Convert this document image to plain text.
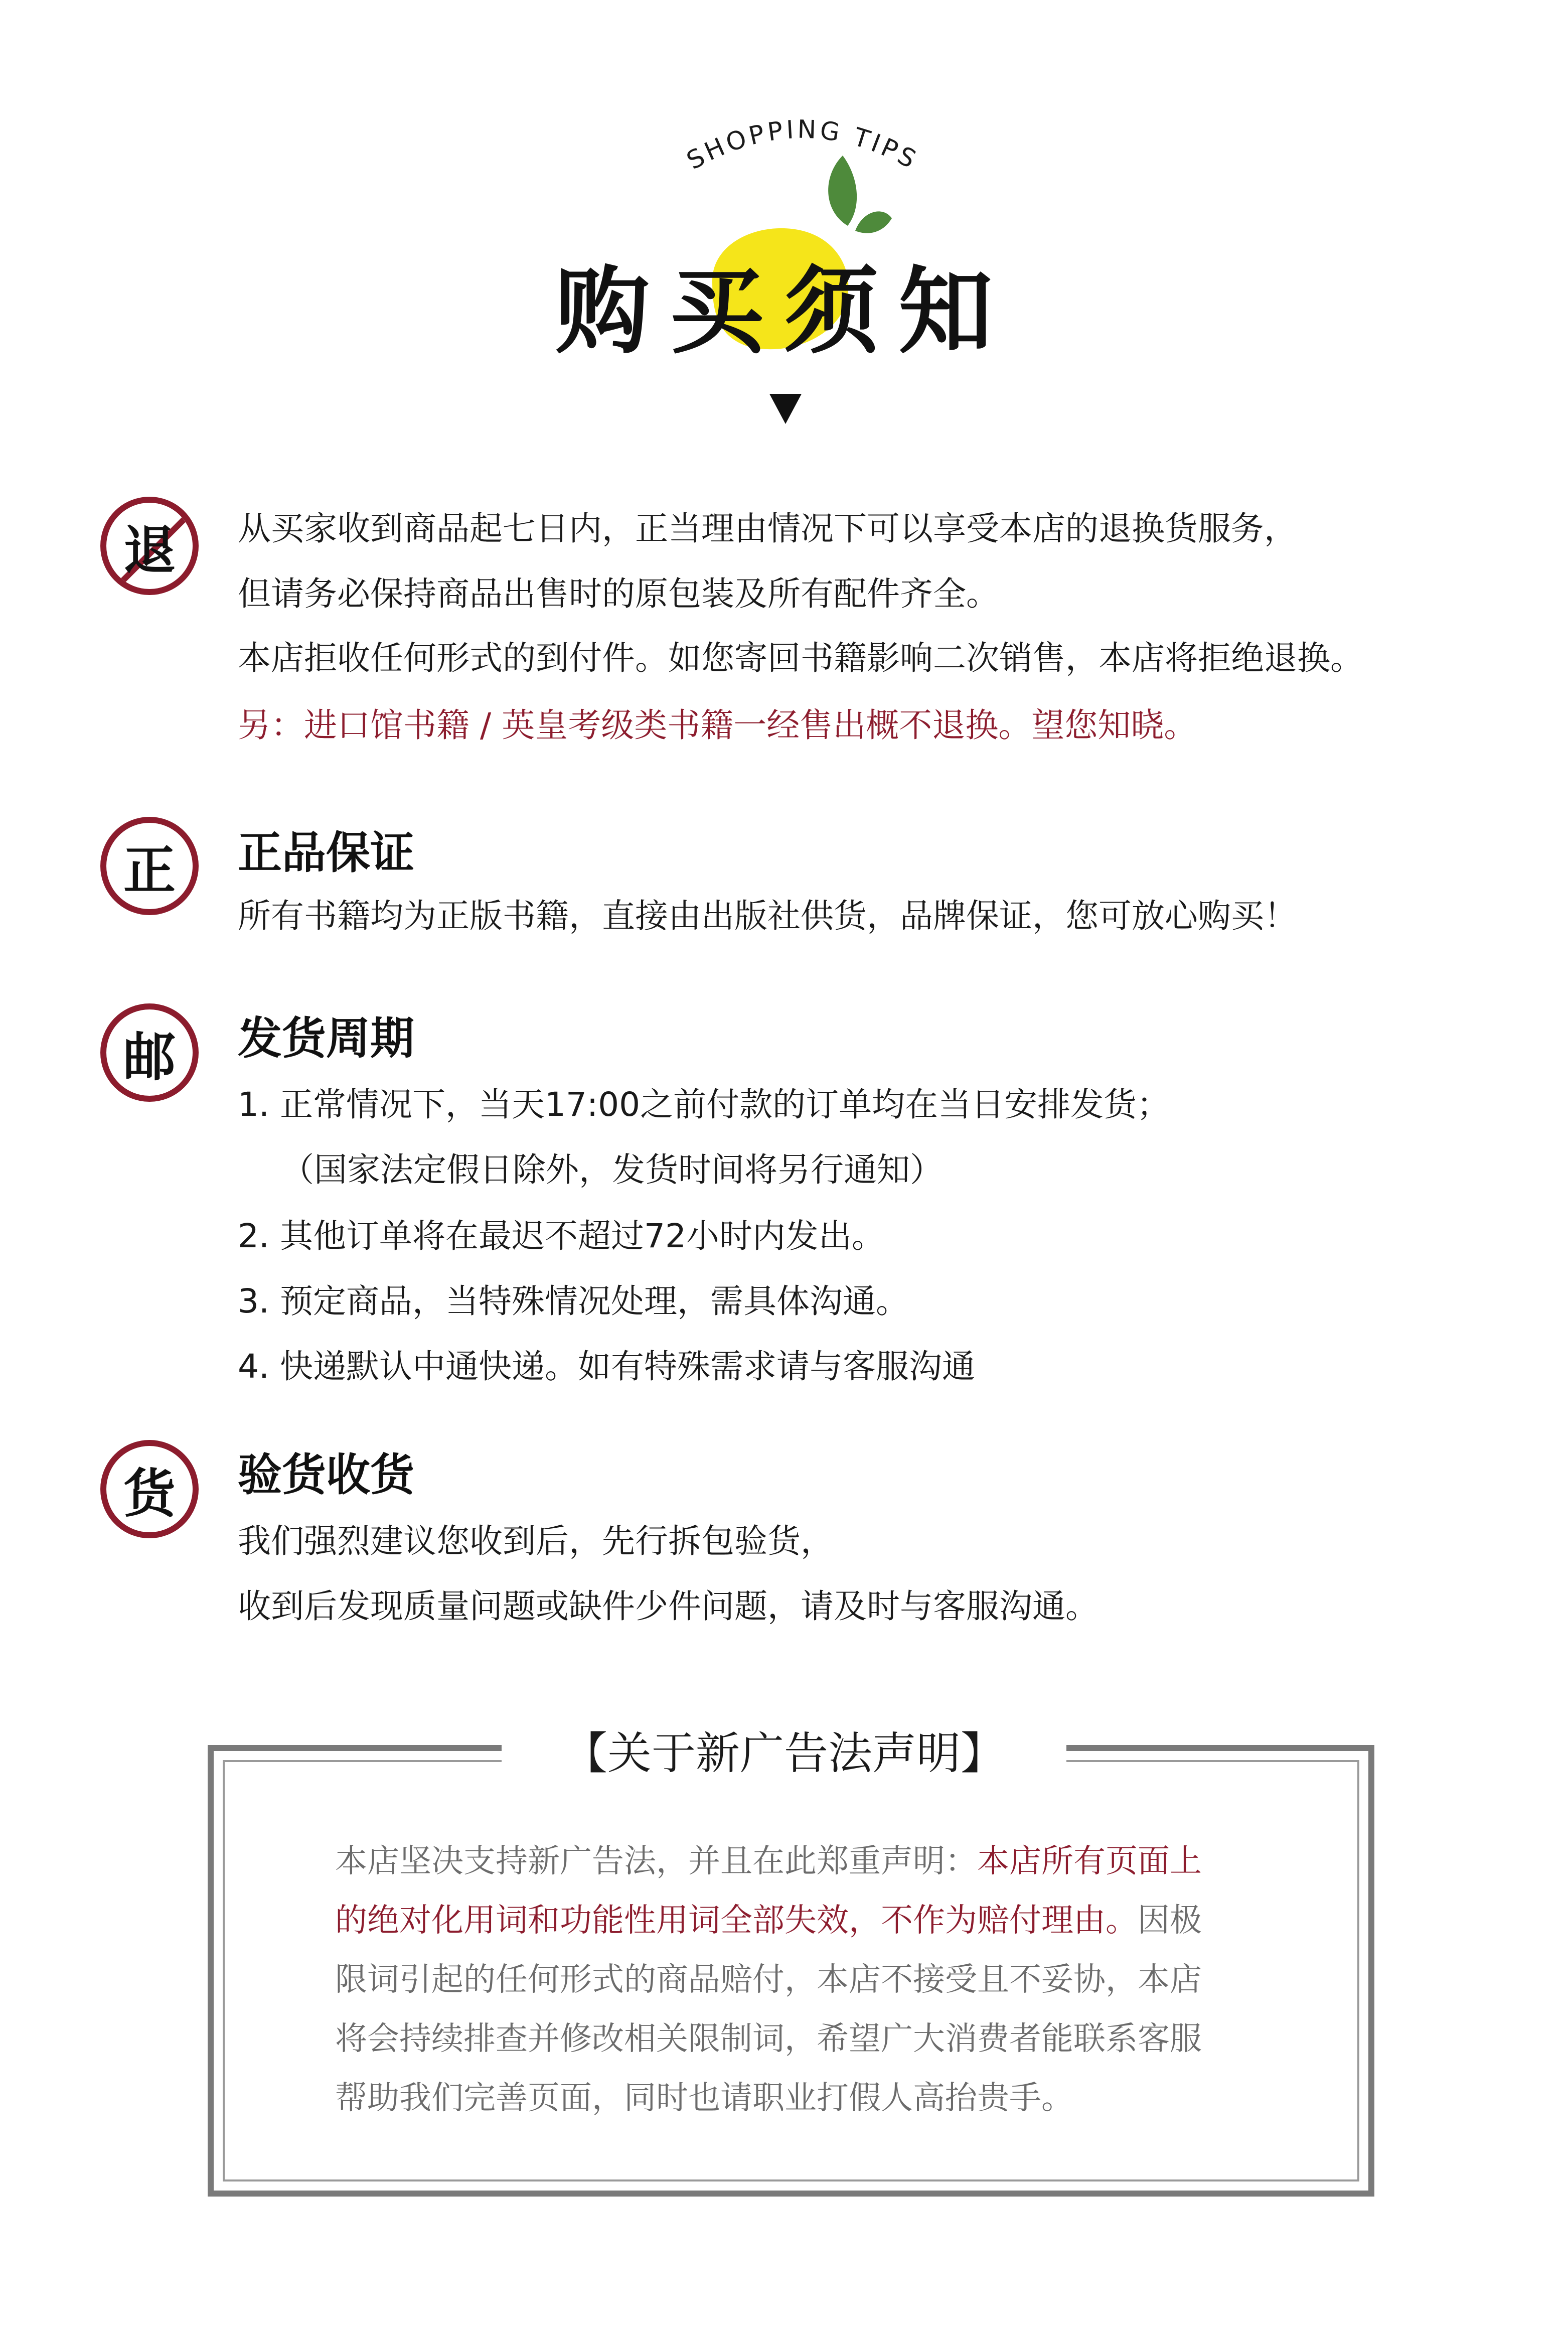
SHOPPING TIPS
购买须知
退 从买家收到商品起七日内，正当理由情况下可以享受本店的退换货服务，
但请务必保持商品出售时的原包装及所有配件齐全。
本店拒收任何形式的到付件。如您寄回书籍影响二次销售，本店将拒绝退换。
另：进口馆书籍 / 英皇考级类书籍一经售出概不退换。望您知晓。
正 正品保证
所有书籍均为正版书籍，直接由出版社供货，品牌保证，您可放心购买！
邮 发货周期
1. 正常情况下，当天17:00之前付款的订单均在当日安排发货；
（国家法定假日除外，发货时间将另行通知）
2. 其他订单将在最迟不超过72小时内发出。
3. 预定商品，当特殊情况处理，需具体沟通。
4. 快递默认中通快递。如有特殊需求请与客服沟通
货 验货收货
我们强烈建议您收到后，先行拆包验货，
收到后发现质量问题或缺件少件问题，请及时与客服沟通。
【关于新广告法声明】
本店坚决支持新广告法，并且在此郑重声明：本店所有页面上
的绝对化用词和功能性用词全部失效，不作为赔付理由。因极
限词引起的任何形式的商品赔付，本店不接受且不妥协，本店
将会持续排查并修改相关限制词，希望广大消费者能联系客服
帮助我们完善页面，同时也请职业打假人高抬贵手。
